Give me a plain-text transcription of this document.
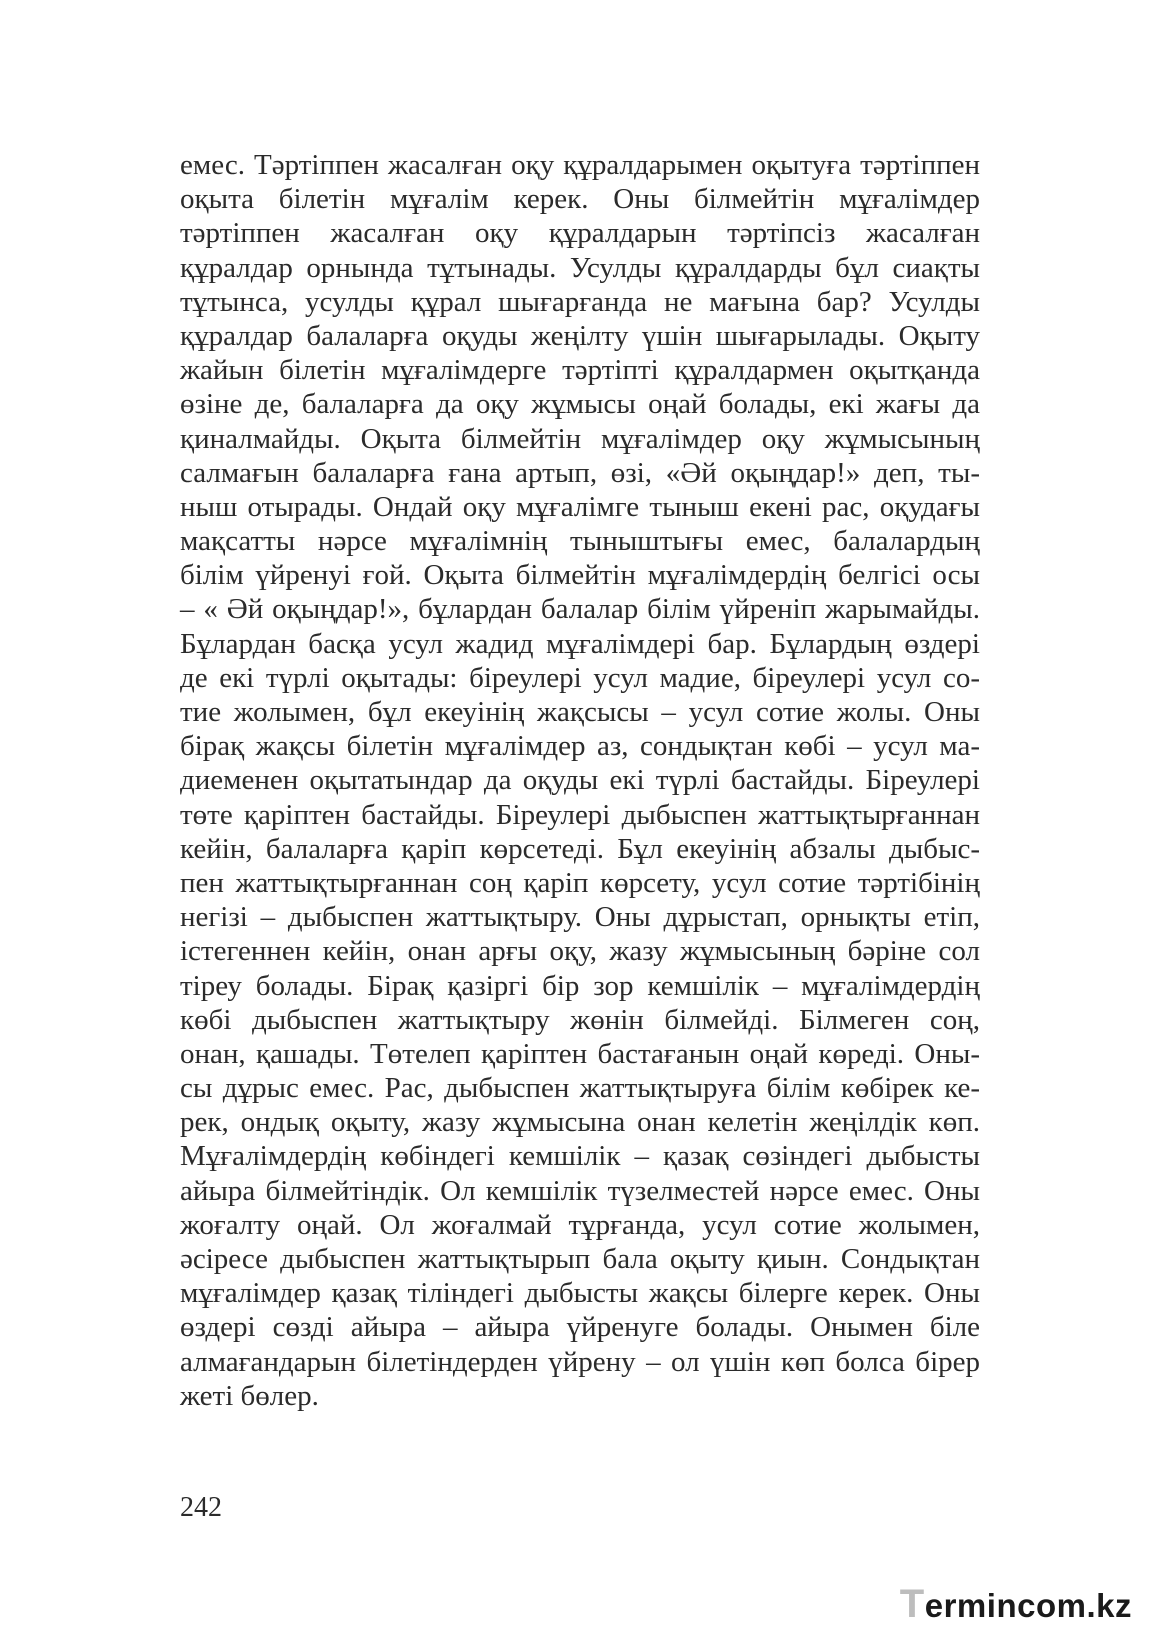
емес. Тәртіппен жасалған оқу құралдарымен оқытуға тәртіппен
оқыта білетін мұғалім керек. Оны білмейтін мұғалімдер
тәртіппен жасалған оқу құралдарын тәртіпсіз жасалған
құралдар орнында тұтынады. Усулды құралдарды бұл сиақты
тұтынса, усулды құрал шығарғанда не мағына бар? Усулды
құралдар балаларға оқуды жеңілту үшін шығарылады. Оқыту
жайын білетін мұғалімдерге тәртіпті құралдармен оқытқанда
өзіне де, балаларға да оқу жұмысы оңай болады, екі жағы да
қиналмайды. Оқыта білмейтін мұғалімдер оқу жұмысының
салмағын балаларға ғана артып, өзі, «Әй оқыңдар!» деп, ты-
ныш отырады. Ондай оқу мұғалімге тыныш екені рас, оқудағы
мақсатты нәрсе мұғалімнің тыныштығы емес, балалардың
білім үйренуі ғой. Оқыта білмейтін мұғалімдердің белгісі осы
– « Әй оқыңдар!», бұлардан балалар білім үйреніп жарымайды.
Бұлардан басқа усул жадид мұғалімдері бар. Бұлардың өздері
де екі түрлі оқытады: біреулері усул мадие, біреулері усул со-
тие жолымен, бұл екеуінің жақсысы – усул сотие жолы. Оны
бірақ жақсы білетін мұғалімдер аз, сондықтан көбі – усул ма-
диеменен оқытатындар да оқуды екі түрлі бастайды. Біреулері
төте қаріптен бастайды. Біреулері дыбыспен жаттықтырғаннан
кейін, балаларға қаріп көрсетеді. Бұл екеуінің абзалы дыбыс-
пен жаттықтырғаннан соң қаріп көрсету, усул сотие тәртібінің
негізі – дыбыспен жаттықтыру. Оны дұрыстап, орнықты етіп,
істегеннен кейін, онан арғы оқу, жазу жұмысының бәріне сол
тіреу болады. Бірақ қазіргі бір зор кемшілік – мұғалімдердің
көбі дыбыспен жаттықтыру жөнін білмейді. Білмеген соң,
онан, қашады. Төтелеп қаріптен бастағанын оңай көреді. Оны-
сы дұрыс емес. Рас, дыбыспен жаттықтыруға білім көбірек ке-
рек, ондық оқыту, жазу жұмысына онан келетін жеңілдік көп.
Мұғалімдердің көбіндегі кемшілік – қазақ сөзіндегі дыбысты
айыра білмейтіндік. Ол кемшілік түзелместей нәрсе емес. Оны
жоғалту оңай. Ол жоғалмай тұрғанда, усул сотие жолымен,
әсіресе дыбыспен жаттықтырып бала оқыту қиын. Сондықтан
мұғалімдер қазақ тіліндегі дыбысты жақсы білерге керек. Оны
өздері сөзді айыра – айыра үйренуге болады. Онымен біле
алмағандарын білетіндерден үйрену – ол үшін көп болса бірер
жеті бөлер.
242
Termincom.kz
